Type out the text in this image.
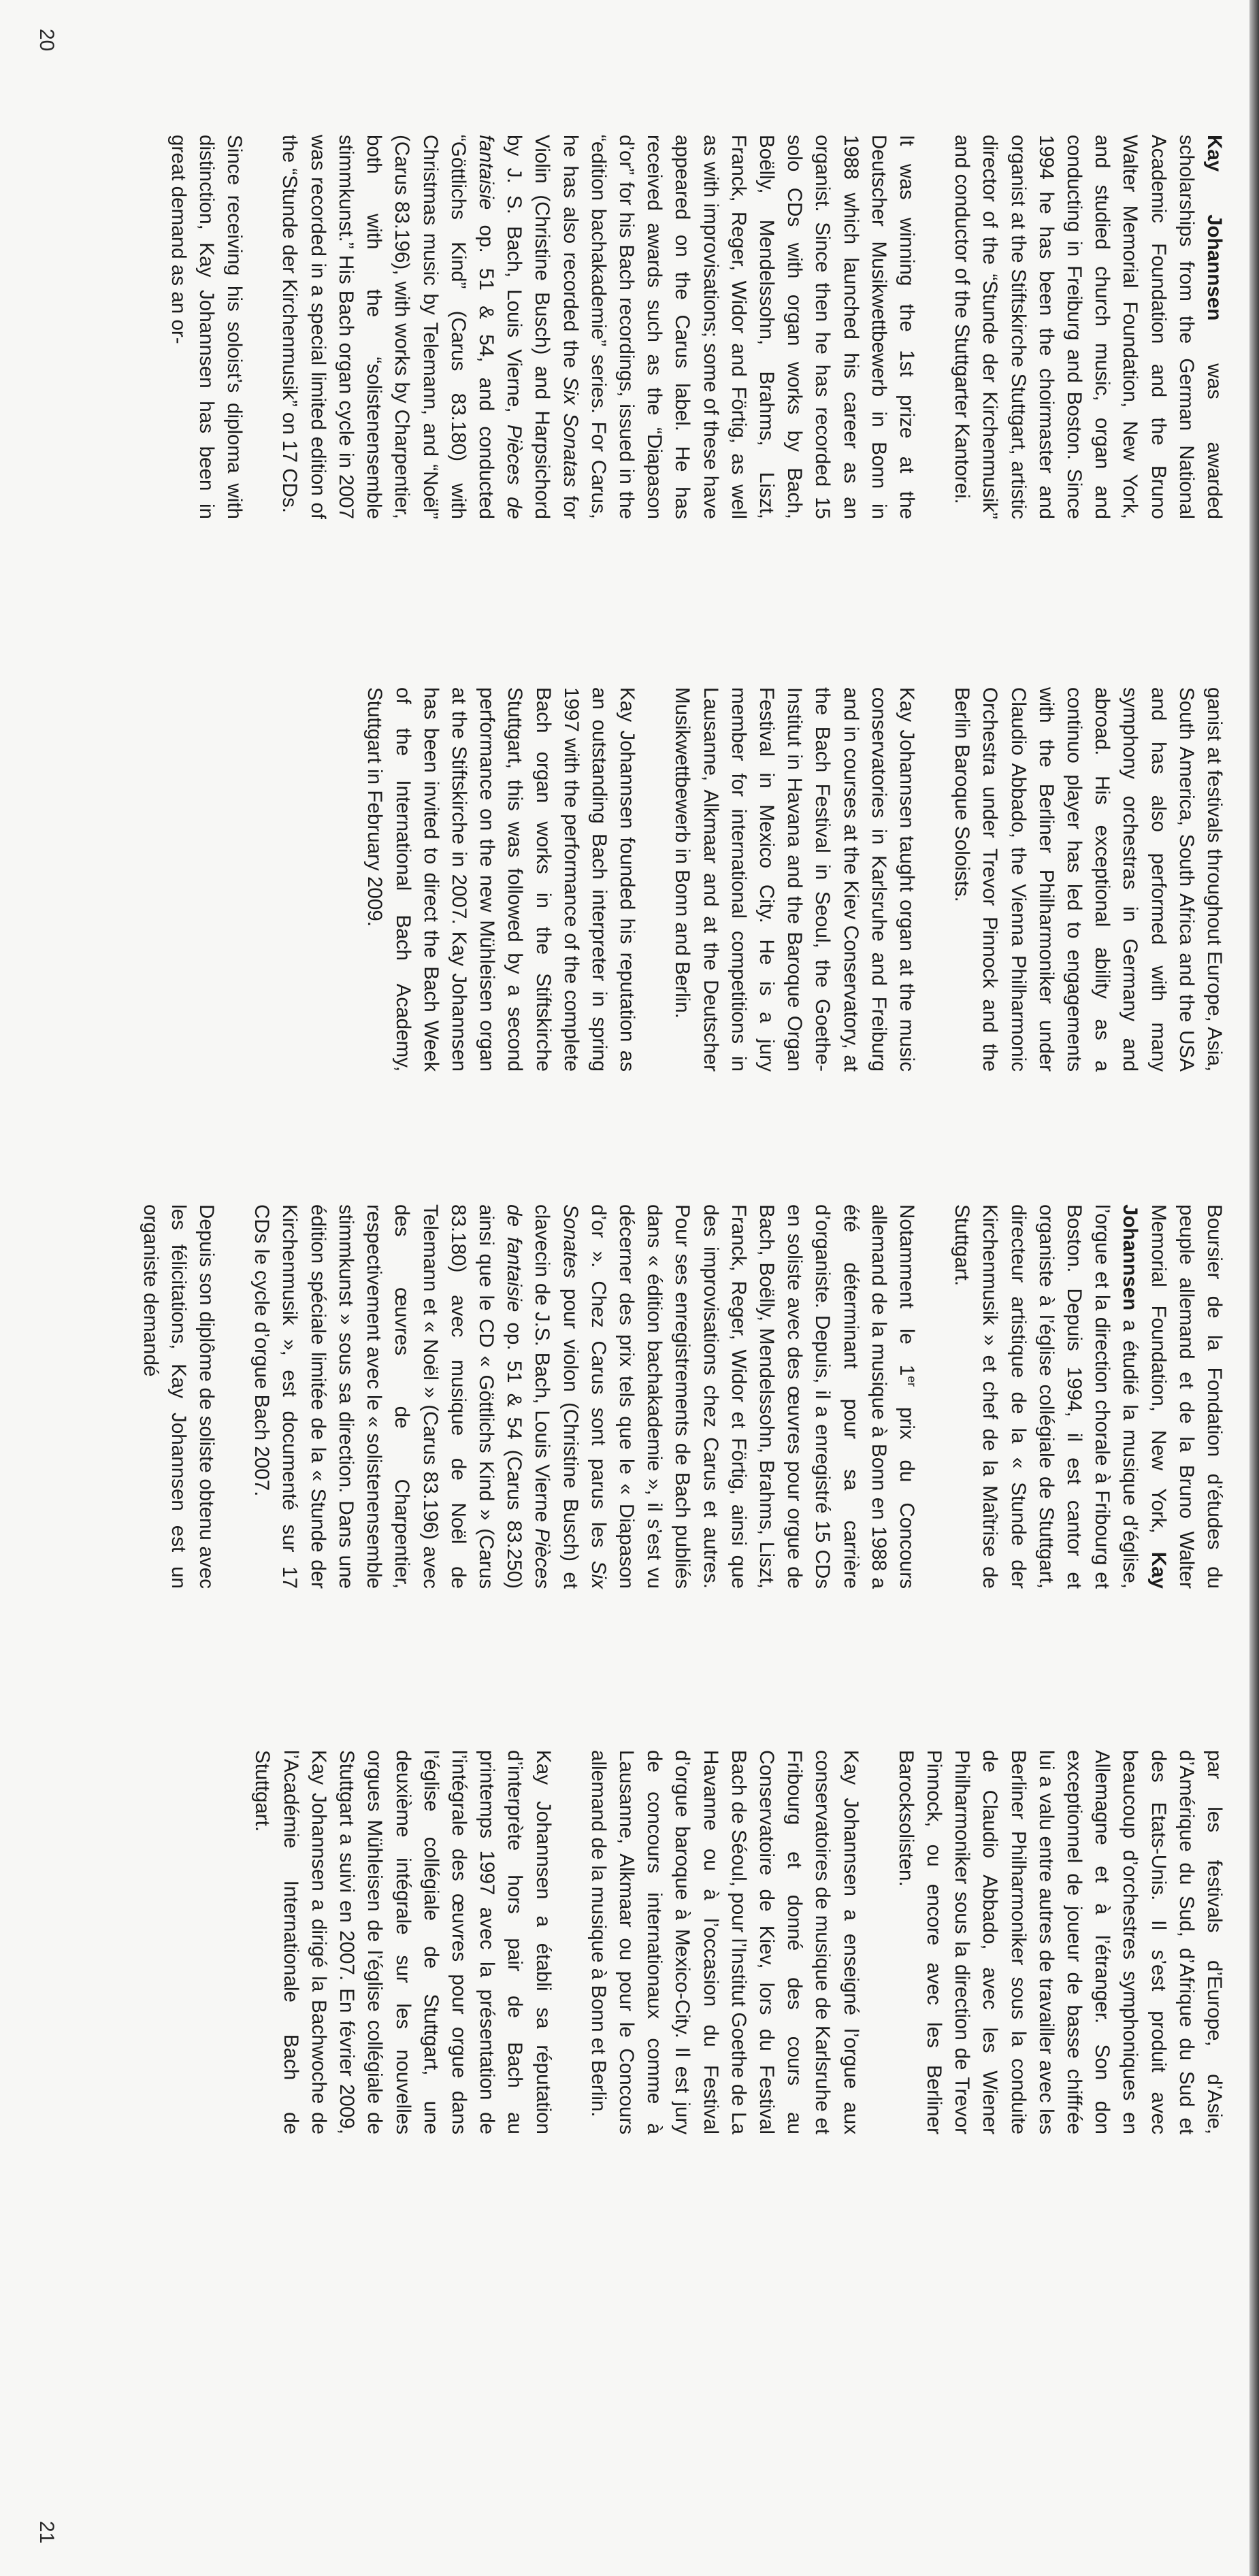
20
21

Kay Johannsen was awarded scholarships from the German National Academic Foundation and the Bruno Walter Memorial Foundation, New York, and studied church music, organ and conducting in Freiburg and Boston. Since 1994 he has been the choirmaster and organist at the Stiftskirche Stuttgart, artistic director of the “Stunde der Kirchenmusik” and conductor of the Stuttgarter Kantorei.

It was winning the 1st prize at the Deutscher Musikwettbewerb in Bonn in 1988 which launched his career as an organist. Since then he has recorded 15 solo CDs with organ works by Bach, Boëlly, Mendelssohn, Brahms, Liszt, Franck, Reger, Widor and Förtig, as well as with improvisations; some of these have appeared on the Carus label. He has received awards such as the “Diapason d’or” for his Bach recordings, issued in the “edition bachakademie” series. For Carus, he has also recorded the Six Sonatas for Violin (Christine Busch) and Harpsichord by J. S. Bach, Louis Vierne, Pièces de fantaisie op. 51 & 54, and conducted “Göttlichs Kind” (Carus 83.180) with Christmas music by Telemann, and “Noël” (Carus 83.196), with works by Charpentier, both with the “solistenensemble stimmkunst.” His Bach organ cycle in 2007 was recorded in a special limited edition of the “Stunde der Kirchenmusik” on 17 CDs.

Since receiving his soloist’s diploma with distinction, Kay Johannsen has been in great demand as an or-

ganist at festivals throughout Europe, Asia, South America, South Africa and the USA and has also performed with many symphony orchestras in Germany and abroad. His exceptional ability as a continuo player has led to engagements with the Berliner Philharmoniker under Claudio Abbado, the Vienna Philharmonic Orchestra under Trevor Pinnock and the Berlin Baroque Soloists.

Kay Johannsen taught organ at the music conservatories in Karlsruhe and Freiburg and in courses at the Kiev Conservatory, at the Bach Festival in Seoul, the Goethe-Institut in Havana and the Baroque Organ Festival in Mexico City. He is a jury member for international competitions in Lausanne, Alkmaar and at the Deutscher Musikwettbewerb in Bonn and Berlin.

Kay Johannsen founded his reputation as an outstanding Bach interpreter in spring 1997 with the performance of the complete Bach organ works in the Stiftskirche Stuttgart, this was followed by a second performance on the new Mühleisen organ at the Stiftskirche in 2007. Kay Johannsen has been invited to direct the Bach Week of the International Bach Academy, Stuttgart in February 2009.

Boursier de la Fondation d’études du peuple allemand et de la Bruno Walter Memorial Foundation, New York, Kay Johannsen a étudié la musique d’église, l’orgue et la direction chorale à Fribourg et Boston. Depuis 1994, il est cantor et organiste à l’église collégiale de Stuttgart, directeur artistique de la « Stunde der Kirchenmusik » et chef de la Maîtrise de Stuttgart.

Notamment le 1er prix du Concours allemand de la musique à Bonn en 1988 a été déterminant pour sa carrière d’organiste. Depuis, il a enregistré 15 CDs en soliste avec des œuvres pour orgue de Bach, Boëlly, Mendelssohn, Brahms, Liszt, Franck, Reger, Widor et Förtig, ainsi que des improvisations chez Carus et autres. Pour ses enregistrements de Bach publiés dans « édition bachakademie », il s’est vu décerner des prix tels que le « Diapason d’or ». Chez Carus sont parus les Six Sonates pour violon (Christine Busch) et clavecin de J.S. Bach, Louis Vierne Pièces de fantaisie op. 51 & 54 (Carus 83.250) ainsi que le CD « Göttlichs Kind » (Carus 83.180) avec musique de Noël de Telemann et « Noël » (Carus 83.196) avec des œuvres de Charpentier, respectivement avec le « solistenensemble stimmkunst » sous sa direction. Dans une édition spéciale limitée de la « Stunde der Kirchenmusik », est documenté sur 17 CDs le cycle d’orgue Bach 2007.

Depuis son diplôme de soliste obtenu avec les félicitations, Kay Johannsen est un organiste demandé

par les festivals d’Europe, d’Asie, d’Amérique du Sud, d’Afrique du Sud et des Etats-Unis. Il s’est produit avec beaucoup d’orchestres symphoniques en Allemagne et à l’étranger. Son don exceptionnel de joueur de basse chiffrée lui a valu entre autres de travailler avec les Berliner Philharmoniker sous la conduite de Claudio Abbado, avec les Wiener Philharmoniker sous la direction de Trevor Pinnock, ou encore avec les Berliner Barocksolisten.

Kay Johannsen a enseigné l’orgue aux conservatoires de musique de Karlsruhe et Fribourg et donné des cours au Conservatoire de Kiev, lors du Festival Bach de Séoul, pour l’Institut Goethe de La Havanne ou à l’occasion du Festival d’orgue baroque à Mexico-City. Il est jury de concours internationaux comme à Lausanne, Alkmaar ou pour le Concours allemand de la musique à Bonn et Berlin.

Kay Johannsen a établi sa réputation d’interprète hors pair de Bach au printemps 1997 avec la présentation de l’intégrale des œuvres pour orgue dans l’église collégiale de Stuttgart, une deuxième intégrale sur les nouvelles orgues Mühleisen de l’église collégiale de Stuttgart a suivi en 2007. En février 2009, Kay Johannsen a dirigé la Bachwoche de l’Académie Internationale Bach de Stuttgart.
